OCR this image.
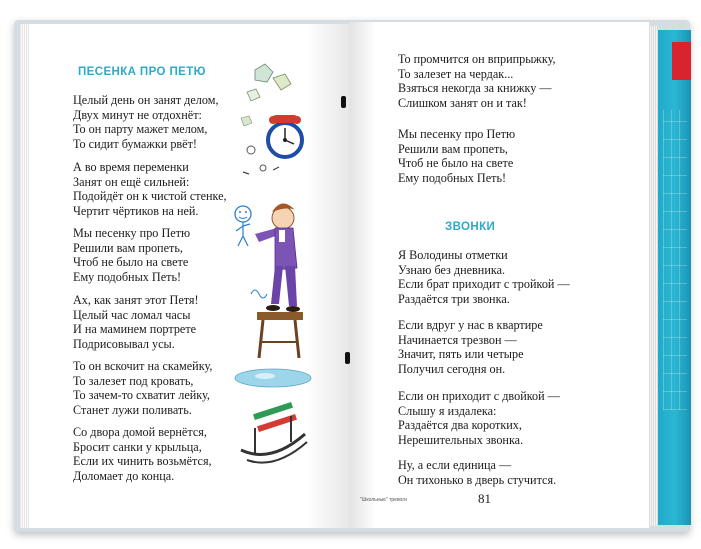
ПЕСЕНКА ПРО ПЕТЮ
Целый день он занят делом,
Двух минут не отдохнёт:
То он парту мажет мелом,
То сидит бумажки рвёт!
А во время переменки
Занят он ещё сильней:
Подойдёт он к чистой стенке,
Чертит чёртиков на ней.
Мы песенку про Петю
Решили вам пропеть,
Чтоб не было на свете
Ему подобных Петь!
Ах, как занят этот Петя!
Целый час ломал часы
И на маминем портрете
Подрисовывал усы.
То он вскочит на скамейку,
То залезет под кровать,
То зачем-то схватит лейку,
Станет лужи поливать.
Со двора домой вернётся,
Бросит санки у крыльца,
Если их чинить возьмётся,
Доломает до конца.
То промчится он вприпрыжку,
То залезет на чердак...
Взяться некогда за книжку —
Слишком занят он и так!
Мы песенку про Петю
Решили вам пропеть,
Чтоб не было на свете
Ему подобных Петь!
ЗВОНКИ
Я Володины отметки
Узнаю без дневника.
Если брат приходит с тройкой —
Раздаётся три звонка.
Если вдруг у нас в квартире
Начинается трезвон —
Значит, пять или четыре
Получил сегодня он.
Если он приходит с двойкой —
Слышу я издалека:
Раздаётся два коротких,
Нерешительных звонка.
Ну, а если единица —
Он тихонько в дверь стучится.
"Школьные" тревоги	81
